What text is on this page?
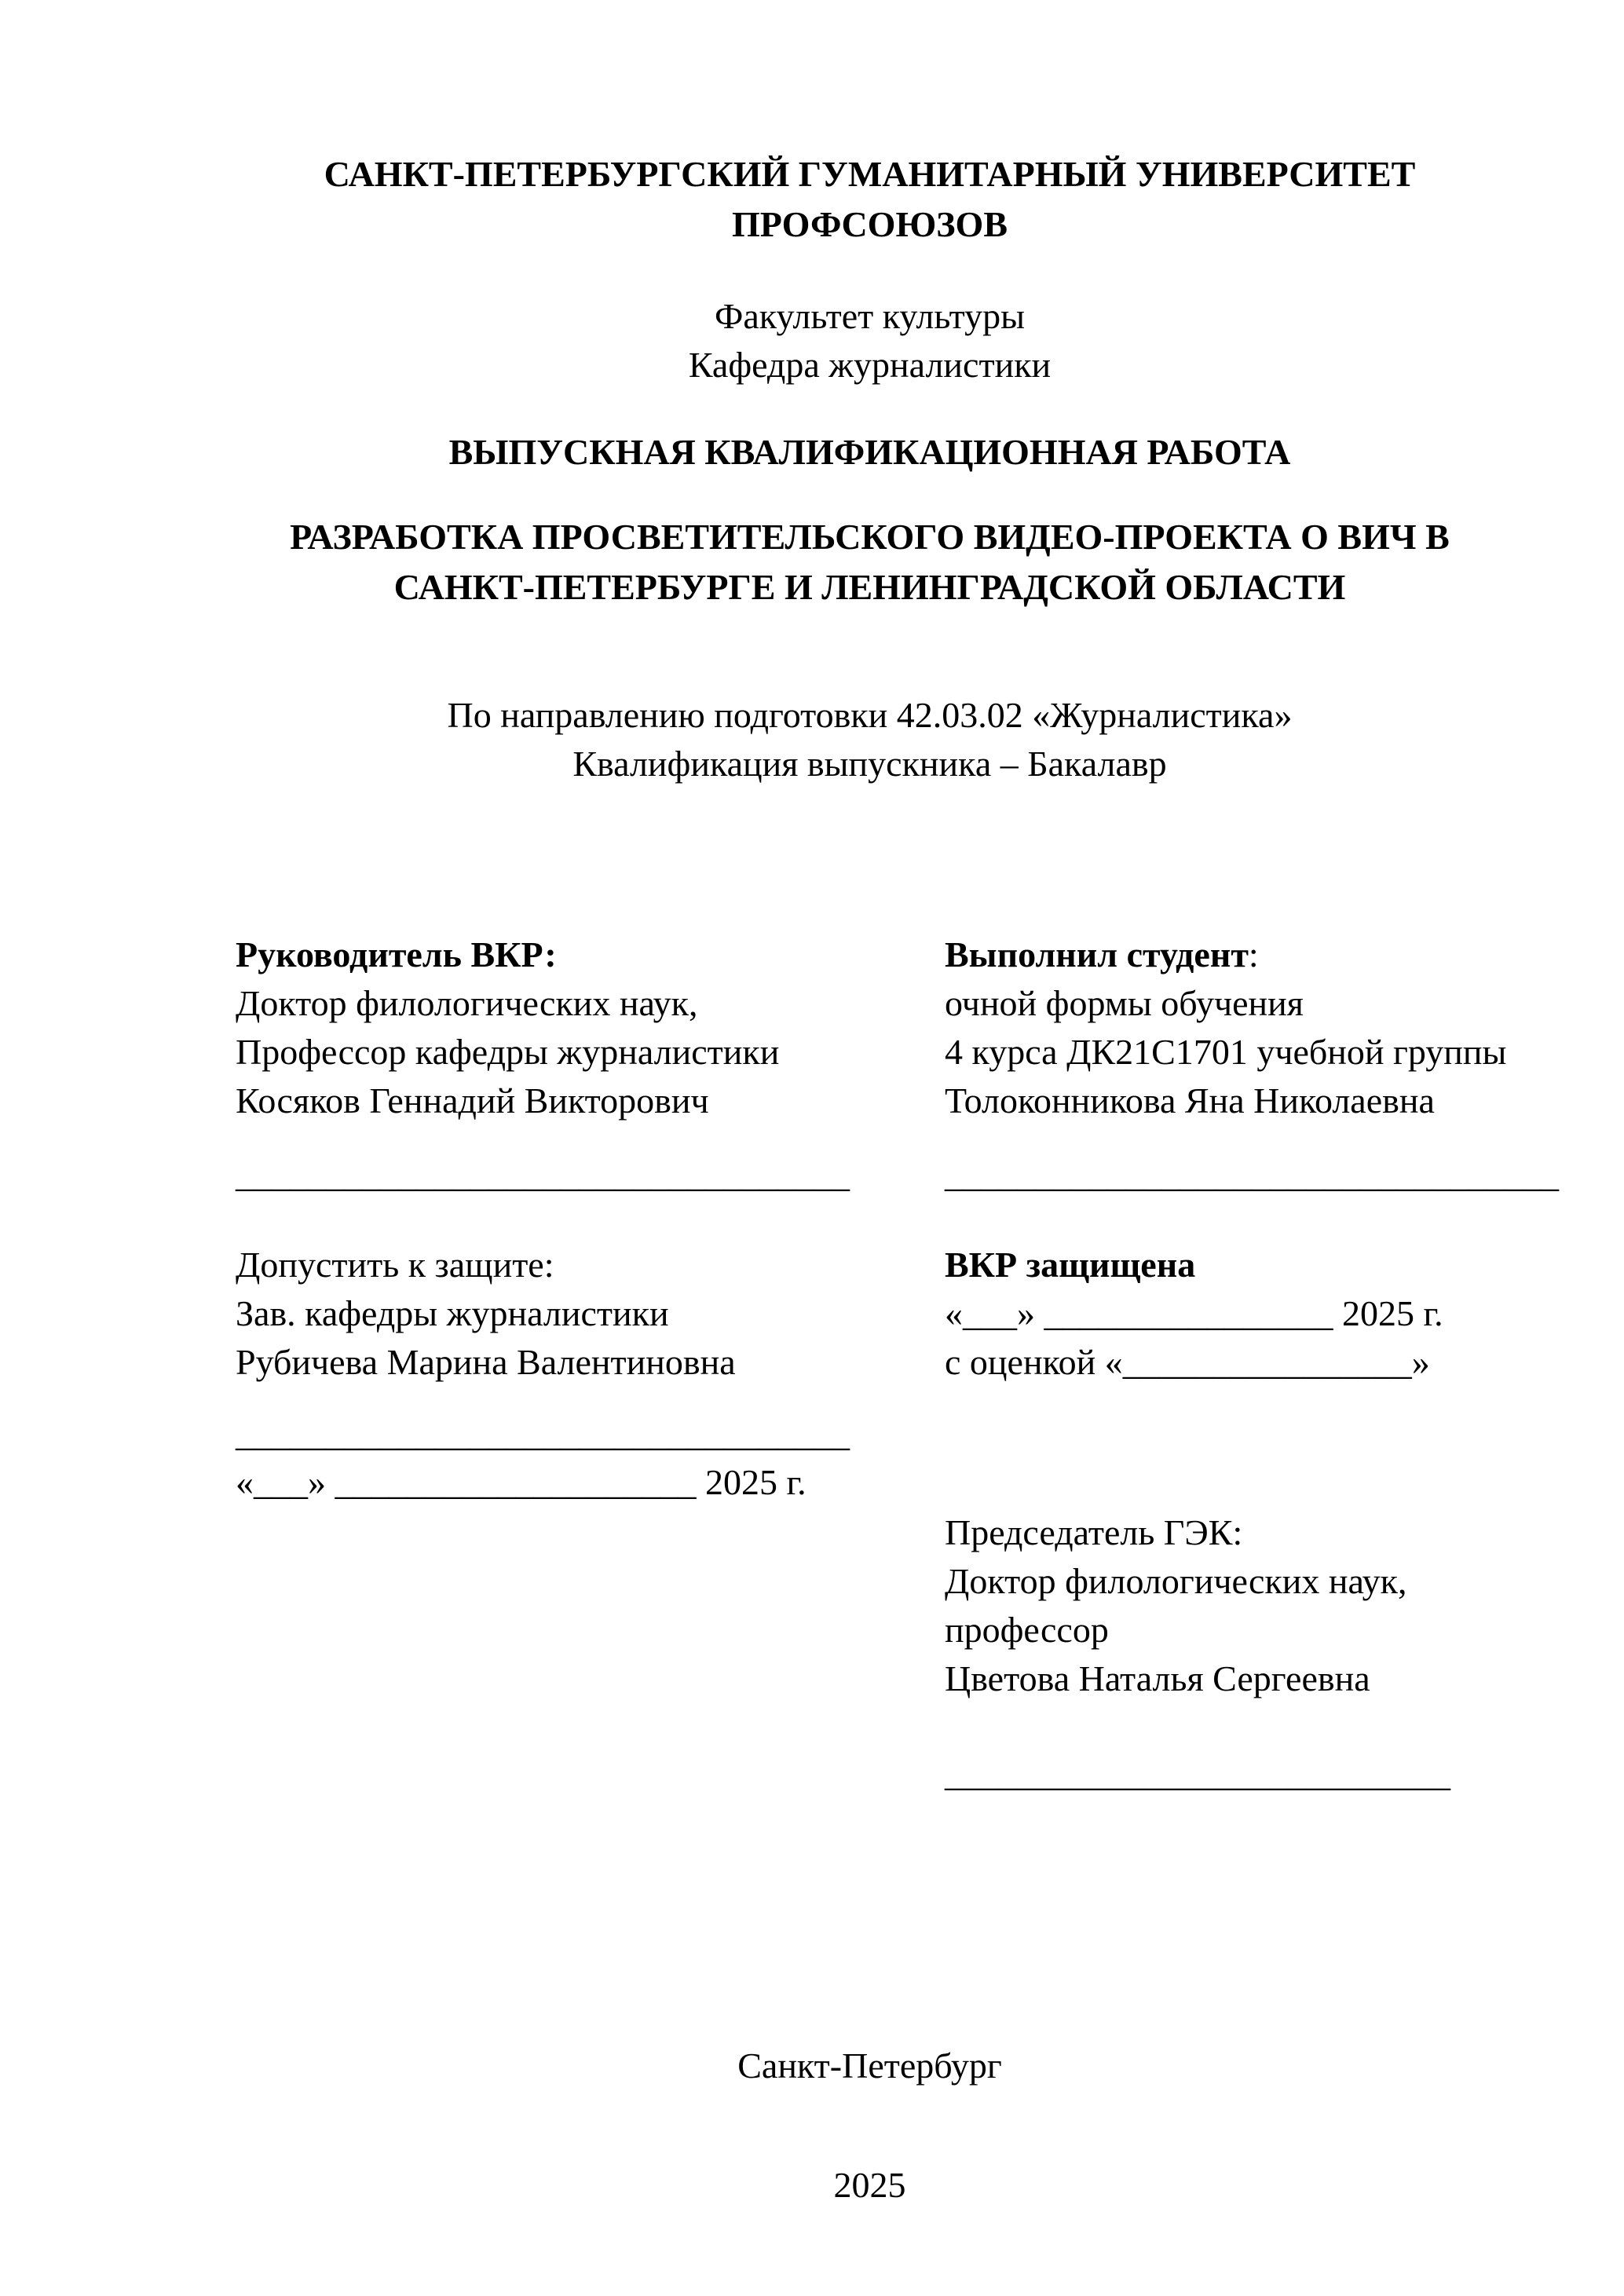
САНКТ-ПЕТЕРБУРГСКИЙ ГУМАНИТАРНЫЙ УНИВЕРСИТЕТ
ПРОФСОЮЗОВ
Факультет культуры
Кафедра журналистики
ВЫПУСКНАЯ КВАЛИФИКАЦИОННАЯ РАБОТА
РАЗРАБОТКА ПРОСВЕТИТЕЛЬСКОГО ВИДЕО-ПРОЕКТА О ВИЧ В
САНКТ-ПЕТЕРБУРГЕ И ЛЕНИНГРАДСКОЙ ОБЛАСТИ
По направлению подготовки 42.03.02 «Журналистика»
Квалификация выпускника – Бакалавр
Руководитель ВКР:
Доктор филологических наук,
Профессор кафедры журналистики
Косяков Геннадий Викторович
__________________________________
Допустить к защите:
Зав. кафедры журналистики
Рубичева Марина Валентиновна
__________________________________
«___» ____________________ 2025 г.
Выполнил студент:
очной формы обучения
4 курса ДК21С1701 учебной группы
Толоконникова Яна Николаевна
__________________________________
ВКР защищена
«___» ________________ 2025 г.
с оценкой «________________»
Председатель ГЭК:
Доктор филологических наук,
профессор
Цветова Наталья Сергеевна
____________________________
Санкт-Петербург
2025
